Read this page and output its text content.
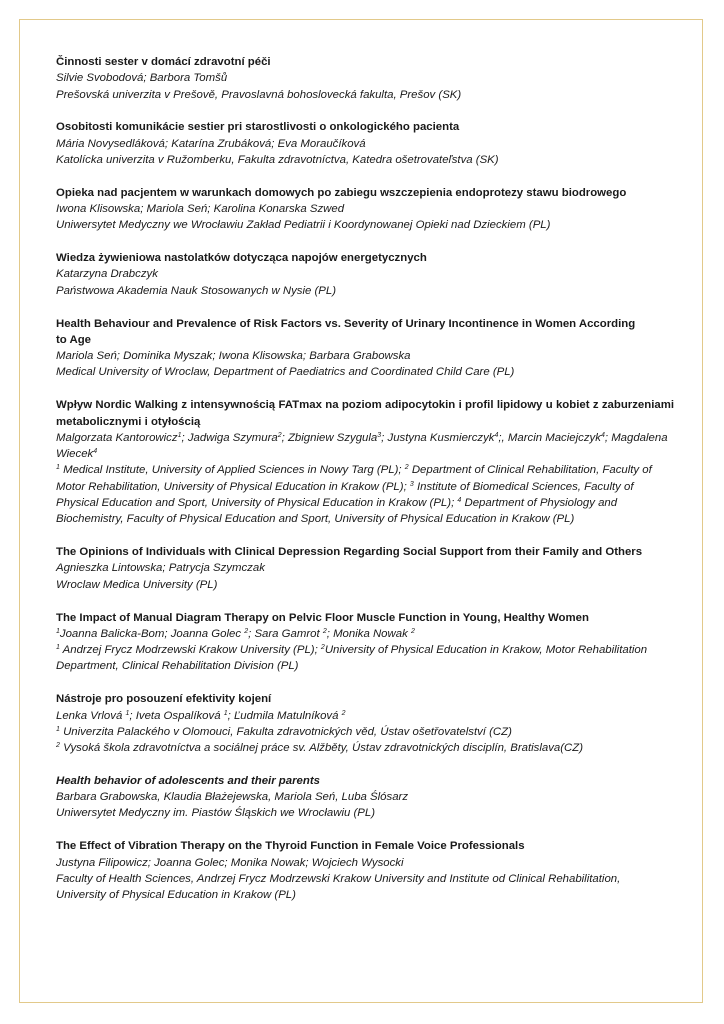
Činnosti sester v domácí zdravotní péči
Silvie Svobodová; Barbora Tomšů
Prešovská univerzita v Prešově, Pravoslavná bohoslovecká fakulta, Prešov (SK)
Osobitosti komunikácie sestier pri starostlivosti o onkologického pacienta
Mária Novysedláková; Katarína Zrubáková; Eva Moraučíková
Katolícka univerzita v Ružomberku, Fakulta zdravotníctva, Katedra ošetrovateľstva (SK)
Opieka nad pacjentem w warunkach domowych po zabiegu wszczepienia endoprotezy stawu biodrowego
Iwona Klisowska; Mariola Seń; Karolina Konarska Szwed
Uniwersytet Medyczny we Wrocławiu Zakład Pediatrii i Koordynowanej Opieki nad Dzieckiem (PL)
Wiedza żywieniowa nastolatków dotycząca napojów energetycznych
Katarzyna Drabczyk
Państwowa Akademia Nauk Stosowanych w Nysie (PL)
Health Behaviour and Prevalence of Risk Factors vs. Severity of Urinary Incontinence in Women According
to Age
Mariola Seń; Dominika Myszak; Iwona Klisowska; Barbara Grabowska
Medical University of Wroclaw, Department of Paediatrics and Coordinated Child Care (PL)
Wpływ Nordic Walking z intensywnością FATmax na poziom adipocytokin i profil lipidowy u kobiet z zaburzeniami metabolicznymi i otyłością
Malgorzata Kantorowicz$^1$; Jadwiga Szymura$^2$; Zbigniew Szygula$^3$; Justyna Kusmierczyk$^4$;, Marcin Maciejczyk$^4$; Magdalena Wiecek$^4$
$^1$ Medical Institute, University of Applied Sciences in Nowy Targ (PL); $^2$ Department of Clinical Rehabilitation, Faculty of Motor Rehabilitation, University of Physical Education in Krakow (PL); $^3$ Institute of Biomedical Sciences, Faculty of Physical Education and Sport, University of Physical Education in Krakow (PL); $^4$ Department of Physiology and Biochemistry, Faculty of Physical Education and Sport, University of Physical Education in Krakow (PL)
The Opinions of Individuals with Clinical Depression Regarding Social Support from their Family and Others
Agnieszka Lintowska; Patrycja Szymczak
Wroclaw Medica University (PL)
The Impact of Manual Diagram Therapy on Pelvic Floor Muscle Function in Young, Healthy Women
$^1$Joanna Balicka-Bom; Joanna Golec $^2$; Sara Gamrot $^2$; Monika Nowak $^2$
$^1$ Andrzej Frycz Modrzewski Krakow University (PL); $^2$University of Physical Education in Krakow, Motor Rehabilitation Department, Clinical Rehabilitation Division (PL)
Nástroje pro posouzení efektivity kojení
Lenka Vrlová $^1$; Iveta Ospalíková $^1$; Ľudmila Matulníková $^2$
$^1$ Univerzita Palackého v Olomouci, Fakulta zdravotnických věd, Ústav ošetřovatelství (CZ)
$^2$ Vysoká škola zdravotníctva a sociálnej práce sv. Alžběty, Ústav zdravotnických disciplín, Bratislava(CZ)
Health behavior of adolescents and their parents
Barbara Grabowska, Klaudia Błażejewska, Mariola Seń, Luba Ślósarz
Uniwersytet Medyczny im. Piastów Śląskich we Wrocławiu (PL)
The Effect of Vibration Therapy on the Thyroid Function in Female Voice Professionals
Justyna Filipowicz; Joanna Golec; Monika Nowak; Wojciech Wysocki
Faculty of Health Sciences, Andrzej Frycz Modrzewski Krakow University and Institute od Clinical Rehabilitation,
University of Physical Education in Krakow (PL)
